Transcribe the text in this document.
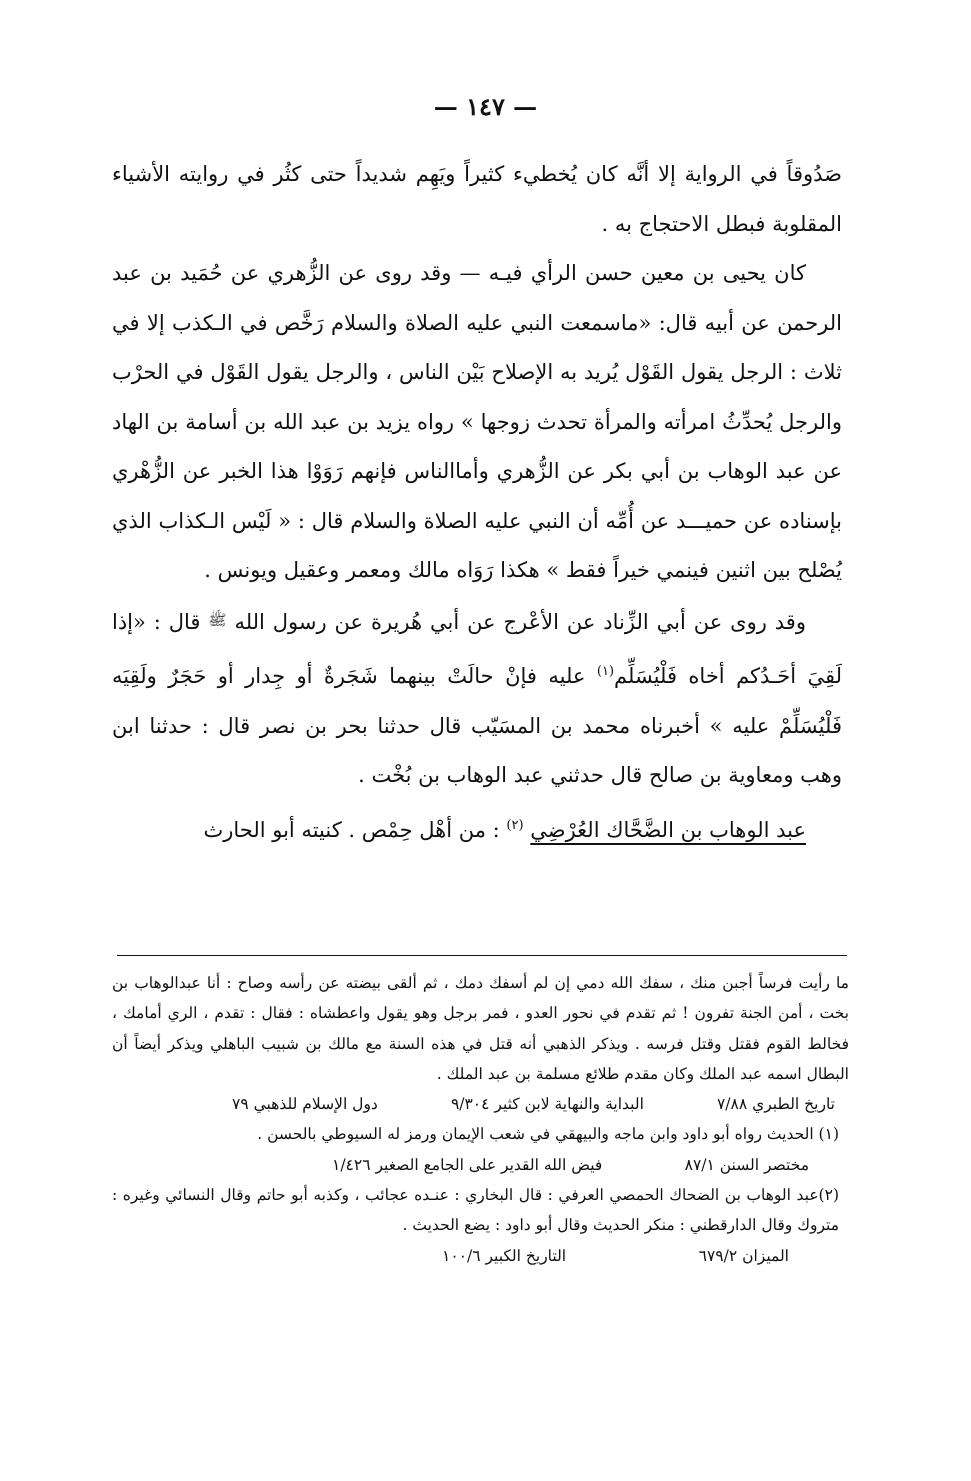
— ١٤٧ —

صَدُوقاً في الرواية إلا أنَّه كان يُخطيء كثيراً ويَهِم شديداً حتى كثُر في روايته الأشياء المقلوبة فبطل الاحتجاج به .

كان يحيى بن معين حسن الرأي فيـه — وقد روى عن الزُّهري عن حُمَيد بن عبد الرحمن عن أبيه قال: «ماسمعت النبي عليه الصلاة والسلام رَخَّص في الـكذب إلا في ثلاث : الرجل يقول القَوْل يُريد به الإصلاح بَيْن الناس ، والرجل يقول القَوْل في الحرْب والرجل يُحدِّثُ امرأته والمرأة تحدث زوجها » رواه يزيد بن عبد الله بن أسامة بن الهاد عن عبد الوهاب بن أبي بكر عن الزُّهري وأماالناس فإنهم رَوَوْا هذا الخبر عن الزُّهْري بإسناده عن حميـــد عن أُمِّه أن النبي عليه الصلاة والسلام قال : « لَيْس الـكذاب الذي يُصْلح بين اثنين فينمي خيراً فقط » هكذا رَوَاه مالك ومعمر وعقيل ويونس .

وقد روى عن أبي الزِّناد عن الأعْرج عن أبي هُريرة عن رسول الله ﷺ قال : «إذا لَقِيَ أحَـدُكم أخاه فَلْيُسَلِّم$^{(١)}$ عليه فإنْ حالَتْ بينهما شَجَرةٌ أو جِدار أو حَجَرٌ ولَقِيَه فَلْيُسَلِّمْ عليه » أخبرناه محمد بن المسَيّب قال حدثنا بحر بن نصر قال : حدثنا ابن وهب ومعاوية بن صالح قال حدثني عبد الوهاب بن بُخْت .

عبد الوهاب بن الضَّحَّاك العُرْضِي $^{(٢)}$ : من أهْل حِمْص . كنيته أبو الحارث

ما رأيت فرساً أجبن منك ، سفك الله دمي إن لم أسفك دمك ، ثم ألقى بيضته عن رأسه وصاح : أنا عبدالوهاب بن بخت ، أمن الجنة تفرون ! ثم تقدم في نحور العدو ، فمر برجل وهو يقول واعطشاه : فقال : تقدم ، الري أمامك ، فخالط القوم فقتل وقتل فرسه . ويذكر الذهبي أنه قتل في هذه السنة مع مالك بن شبيب الباهلي ويذكر أيضاً أن البطال اسمه عبد الملك وكان مقدم طلائع مسلمة بن عبد الملك .

تاريخ الطبري ٧/٨٨
البداية والنهاية لابن كثير ٩/٣٠٤
دول الإسلام للذهبي ٧٩

(١) الحديث رواه أبو داود وابن ماجه والبيهقي في شعب الإيمان ورمز له السيوطي بالحسن .

مختصر السنن ٨٧/١
فيض الله القدير على الجامع الصغير ١/٤٢٦

(٢)عبد الوهاب بن الضحاك الحمصي العرفي : قال البخاري : عنـده عجائب ، وكذبه أبو حاتم وقال النسائي وغيره : متروك وقال الدارقطني : منكر الحديث وقال أبو داود : يضع الحديث .

الميزان ٦٧٩/٢
التاريخ الكبير ١٠٠/٦
